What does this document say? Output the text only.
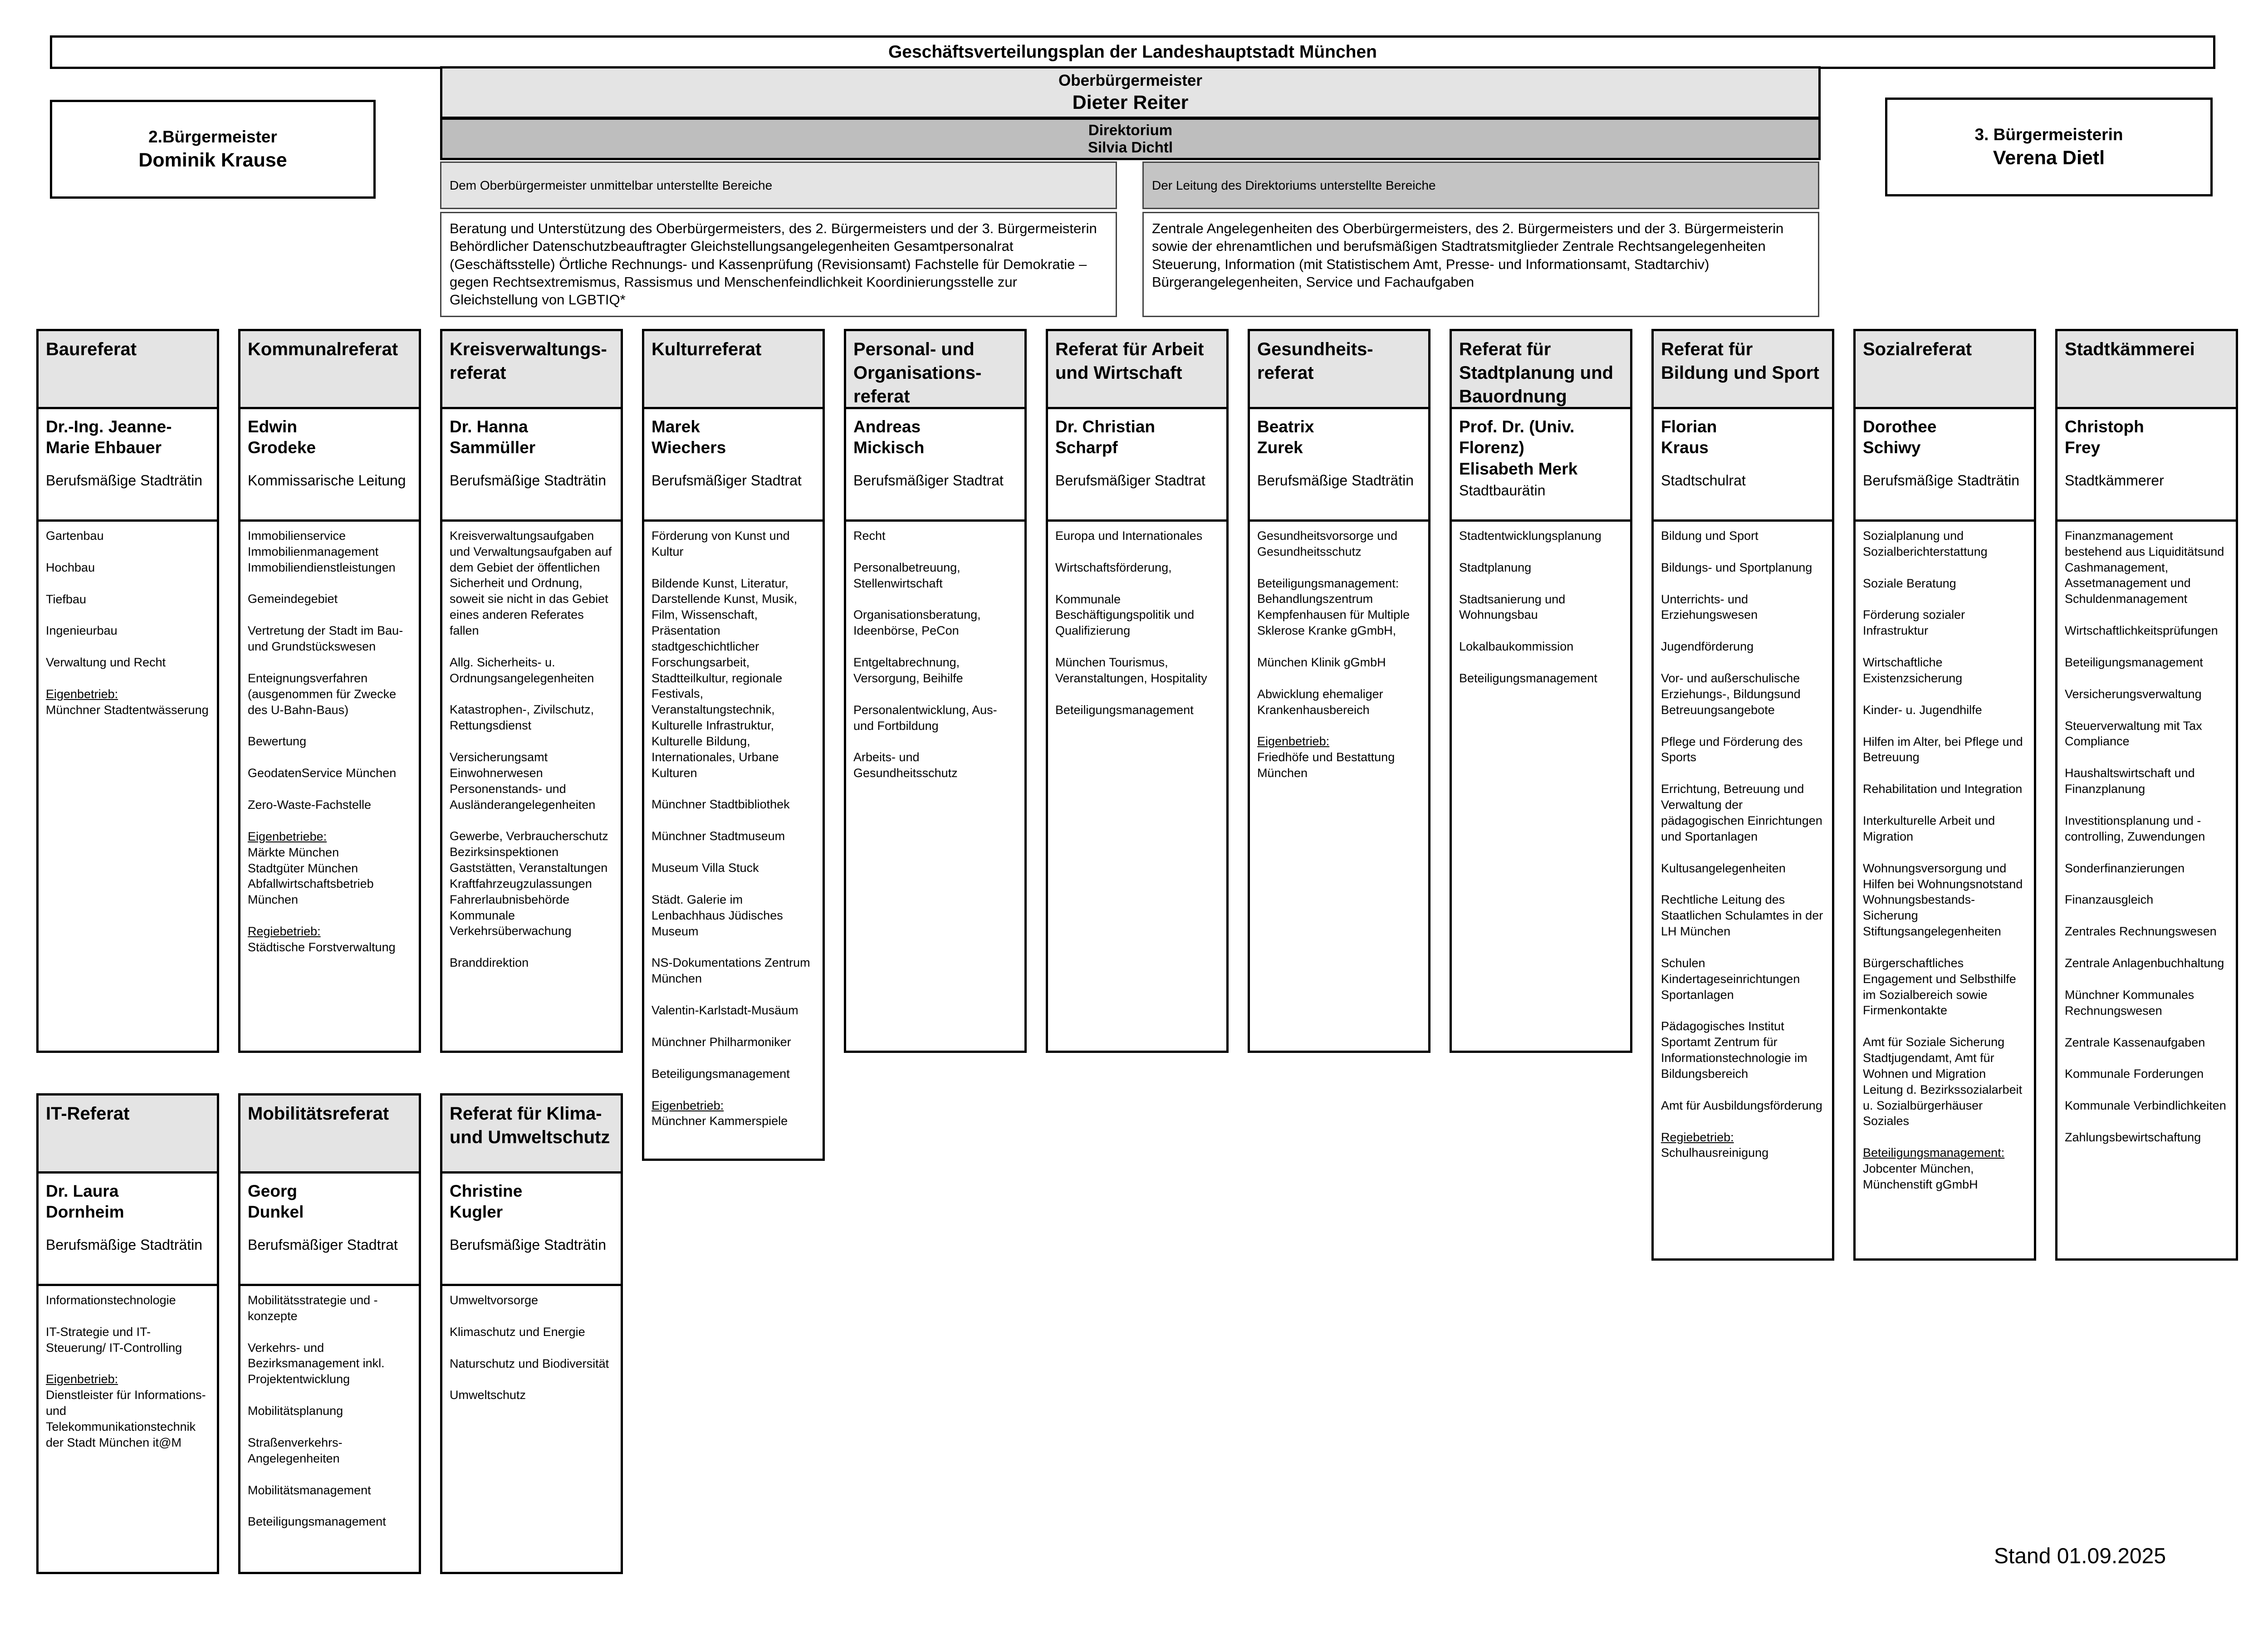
Geschäftsverteilungsplan der Landeshauptstadt München
2.Bürgermeister
Dominik Krause
Oberbürgermeister
Dieter Reiter
Direktorium
Silvia Dichtl
3. Bürgermeisterin
Verena Dietl
Dem Oberbürgermeister unmittelbar unterstellte Bereiche	Der Leitung des Direktoriums unterstellte Bereiche
Beratung und Unterstützung des Oberbürgermeisters, des 2. Bürgermeisters und der 3. Bürgermeisterin Behördlicher Datenschutzbeauftragter Gleichstellungsangelegenheiten Gesamtpersonalrat (Geschäftsstelle) Örtliche Rechnungs- und Kassenprüfung (Revisionsamt) Fachstelle für Demokratie – gegen Rechtsextremismus, Rassismus und Menschenfeindlichkeit Koordinierungsstelle zur Gleichstellung von LGBTIQ*
Zentrale Angelegenheiten des Oberbürgermeisters, des 2. Bürgermeisters und der 3. Bürgermeisterin sowie der ehrenamtlichen und berufsmäßigen Stadtratsmitglieder Zentrale Rechtsangelegenheiten Steuerung, Information (mit Statistischem Amt, Presse- und Informationsamt, Stadtarchiv) Bürgerangelegenheiten, Service und Fachaufgaben
Baureferat
Dr.-Ing. Jeanne-
Marie Ehbauer
Berufsmäßige Stadträtin
Gartenbau
Hochbau
Tiefbau
Ingenieurbau
Verwaltung und Recht
Eigenbetrieb:
Münchner Stadtentwässerung
Kommunalreferat
Edwin
Grodeke
Kommissarische Leitung
Immobilienservice Immobilienmanagement Immobiliendienstleistungen
Gemeindegebiet
Vertretung der Stadt im Bau- und Grundstückswesen
Enteignungsverfahren (ausgenommen für Zwecke des U-Bahn-Baus)
Bewertung
GeodatenService München
Zero-Waste-Fachstelle
Eigenbetriebe:
Märkte München
Stadtgüter München
Abfallwirtschaftsbetrieb München
Regiebetrieb:
Städtische Forstverwaltung
Kreisverwaltungs-referat
Dr. Hanna
Sammüller
Berufsmäßige Stadträtin
Kreisverwaltungsaufgaben und Verwaltungsaufgaben auf dem Gebiet der öffentlichen Sicherheit und Ordnung, soweit sie nicht in das Gebiet eines anderen Referates fallen
Allg. Sicherheits- u. Ordnungsangelegenheiten
Katastrophen-, Zivilschutz, Rettungsdienst
Versicherungsamt Einwohnerwesen Personenstands- und Ausländerangelegenheiten
Gewerbe, Verbraucherschutz Bezirksinspektionen Gaststätten, Veranstaltungen Kraftfahrzeugzulassungen Fahrerlaubnisbehörde Kommunale Verkehrsüberwachung
Branddirektion
Kulturreferat
Marek
Wiechers
Berufsmäßiger Stadtrat
Förderung von Kunst und Kultur
Bildende Kunst, Literatur, Darstellende Kunst, Musik, Film, Wissenschaft, Präsentation stadtgeschichtlicher Forschungsarbeit, Stadtteilkultur, regionale Festivals, Veranstaltungstechnik, Kulturelle Infrastruktur, Kulturelle Bildung, Internationales, Urbane Kulturen
Münchner Stadtbibliothek
Münchner Stadtmuseum
Museum Villa Stuck
Städt. Galerie im Lenbachhaus Jüdisches Museum
NS-Dokumentations Zentrum München
Valentin-Karlstadt-Musäum
Münchner Philharmoniker
Beteiligungsmanagement
Eigenbetrieb:
Münchner Kammerspiele
Personal- und Organisations-referat
Andreas
Mickisch
Berufsmäßiger Stadtrat
Recht
Personalbetreuung, Stellenwirtschaft
Organisationsberatung, Ideenbörse, PeCon
Entgeltabrechnung, Versorgung, Beihilfe
Personalentwicklung, Aus- und Fortbildung
Arbeits- und Gesundheitsschutz
Referat für Arbeit und Wirtschaft
Dr. Christian
Scharpf
Berufsmäßiger Stadtrat
Europa und Internationales
Wirtschaftsförderung,
Kommunale Beschäftigungspolitik und Qualifizierung
München Tourismus, Veranstaltungen, Hospitality
Beteiligungsmanagement
Gesundheits-referat
Beatrix
Zurek
Berufsmäßige Stadträtin
Gesundheitsvorsorge und Gesundheitsschutz
Beteiligungsmanagement: Behandlungszentrum Kempfenhausen für Multiple Sklerose Kranke gGmbH,
München Klinik gGmbH
Abwicklung ehemaliger Krankenhausbereich
Eigenbetrieb:
Friedhöfe und Bestattung München
Referat für Stadtplanung und Bauordnung
Prof. Dr. (Univ.
Florenz)
Elisabeth Merk
Stadtbaurätin
Stadtentwicklungsplanung
Stadtplanung
Stadtsanierung und Wohnungsbau
Lokalbaukommission
Beteiligungsmanagement
Referat für Bildung und Sport
Florian
Kraus
Stadtschulrat
Bildung und Sport
Bildungs- und Sportplanung
Unterrichts- und Erziehungswesen
Jugendförderung
Vor- und außerschulische Erziehungs-, Bildungsund Betreuungsangebote
Pflege und Förderung des Sports
Errichtung, Betreuung und Verwaltung der pädagogischen Einrichtungen und Sportanlagen
Kultusangelegenheiten
Rechtliche Leitung des Staatlichen Schulamtes in der LH München
Schulen Kindertageseinrichtungen Sportanlagen
Pädagogisches Institut Sportamt Zentrum für Informationstechnologie im Bildungsbereich
Amt für Ausbildungsförderung
Regiebetrieb:
Schulhausreinigung
Sozialreferat
Dorothee
Schiwy
Berufsmäßige Stadträtin
Sozialplanung und Sozialberichterstattung
Soziale Beratung
Förderung sozialer Infrastruktur
Wirtschaftliche Existenzsicherung
Kinder- u. Jugendhilfe
Hilfen im Alter, bei Pflege und Betreuung
Rehabilitation und Integration
Interkulturelle Arbeit und Migration
Wohnungsversorgung und Hilfen bei Wohnungsnotstand Wohnungsbestands-Sicherung Stiftungsangelegenheiten
Bürgerschaftliches Engagement und Selbsthilfe im Sozialbereich sowie Firmenkontakte
Amt für Soziale Sicherung Stadtjugendamt, Amt für Wohnen und Migration Leitung d. Bezirkssozialarbeit u. Sozialbürgerhäuser Soziales
Beteiligungsmanagement:
Jobcenter München,
Münchenstift gGmbH
Stadtkämmerei
Christoph
Frey
Stadtkämmerer
Finanzmanagement bestehend aus Liquiditätsund Cashmanagement, Assetmanagement und Schuldenmanagement
Wirtschaftlichkeitsprüfungen
Beteiligungsmanagement
Versicherungsverwaltung
Steuerverwaltung mit Tax Compliance
Haushaltswirtschaft und Finanzplanung
Investitionsplanung und -controlling, Zuwendungen
Sonderfinanzierungen
Finanzausgleich
Zentrales Rechnungswesen
Zentrale Anlagenbuchhaltung
Münchner Kommunales Rechnungswesen
Zentrale Kassenaufgaben
Kommunale Forderungen
Kommunale Verbindlichkeiten
Zahlungsbewirtschaftung
IT-Referat
Dr. Laura
Dornheim
Berufsmäßige Stadträtin
Informationstechnologie
IT-Strategie und IT-Steuerung/ IT-Controlling
Eigenbetrieb:
Dienstleister für Informations- und Telekommunikationstechnik der Stadt München it@M
Mobilitätsreferat
Georg
Dunkel
Berufsmäßiger Stadtrat
Mobilitätsstrategie und -konzepte
Verkehrs- und Bezirksmanagement inkl. Projektentwicklung
Mobilitätsplanung
Straßenverkehrs-Angelegenheiten
Mobilitätsmanagement
Beteiligungsmanagement
Referat für Klima- und Umweltschutz
Christine
Kugler
Berufsmäßige Stadträtin
Umweltvorsorge
Klimaschutz und Energie
Naturschutz und Biodiversität
Umweltschutz
Stand 01.09.2025
